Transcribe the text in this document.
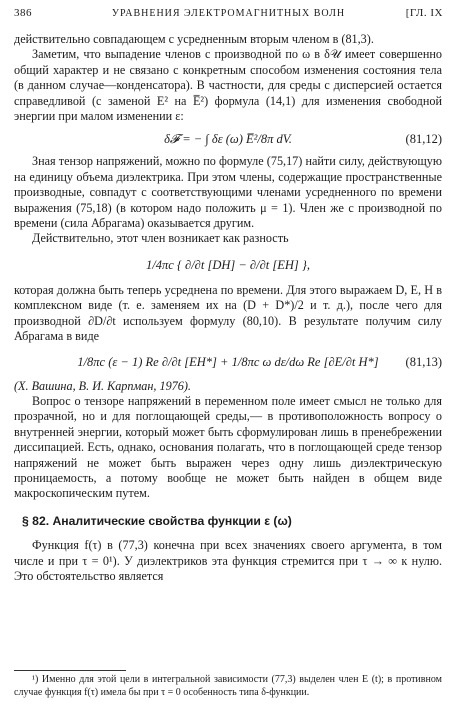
386	УРАВНЕНИЯ ЭЛЕКТРОМАГНИТНЫХ ВОЛН	[ГЛ. IX

действительно совпадающем с усредненным вторым членом в (81,3).

Заметим, что выпадение членов с производной по ω в δ𝒰 имеет совершенно общий характер и не связано с конкретным способом изменения состояния тела (в данном случае—конденсатора). В частности, для среды с дисперсией остается справедливой (с заменой E² на E̅²) формула (14,1) для изменения свободной энергии при малом изменении ε:

δ𝓕 = − ∫ δε (ω) E̅²/8π dV.	(81,12)

Зная тензор напряжений, можно по формуле (75,17) найти силу, действующую на единицу объема диэлектрика. При этом члены, содержащие пространственные производные, совпадут с соответствующими членами усредненного по времени выражения (75,18) (в котором надо положить μ = 1). Член же с производной по времени (сила Абрагама) оказывается другим.

Действительно, этот член возникает как разность

1/4πc { ∂/∂t [DH] − ∂/∂t [EH] },

которая должна быть теперь усреднена по времени. Для этого выражаем D, E, H в комплексном виде (т. е. заменяем их на (D + D*)/2 и т. д.), после чего для производной ∂D/∂t используем формулу (80,10). В результате получим силу Абрагама в виде

1/8πc (ε − 1) Re ∂/∂t [EH*] + 1/8πc ω dε/dω Re [∂E/∂t H*] (81,13)

(Х. Вашина, В. И. Карпман, 1976).

Вопрос о тензоре напряжений в переменном поле имеет смысл не только для прозрачной, но и для поглощающей среды,— в противоположность вопросу о внутренней энергии, который может быть сформулирован лишь в пренебрежении диссипацией. Есть, однако, основания полагать, что в поглощающей среде тензор напряжений не может быть выражен через одну лишь диэлектрическую проницаемость, а потому вообще не может быть найден в общем виде макроскопическим путем.

§ 82. Аналитические свойства функции ε (ω)

Функция f(τ) в (77,3) конечна при всех значениях своего аргумента, в том числе и при τ = 0¹). У диэлектриков эта функция стремится при τ → ∞ к нулю. Это обстоятельство является

¹) Именно для этой цели в интегральной зависимости (77,3) выделен член E (t); в противном случае функция f(τ) имела бы при τ = 0 особенность типа δ-функции.
